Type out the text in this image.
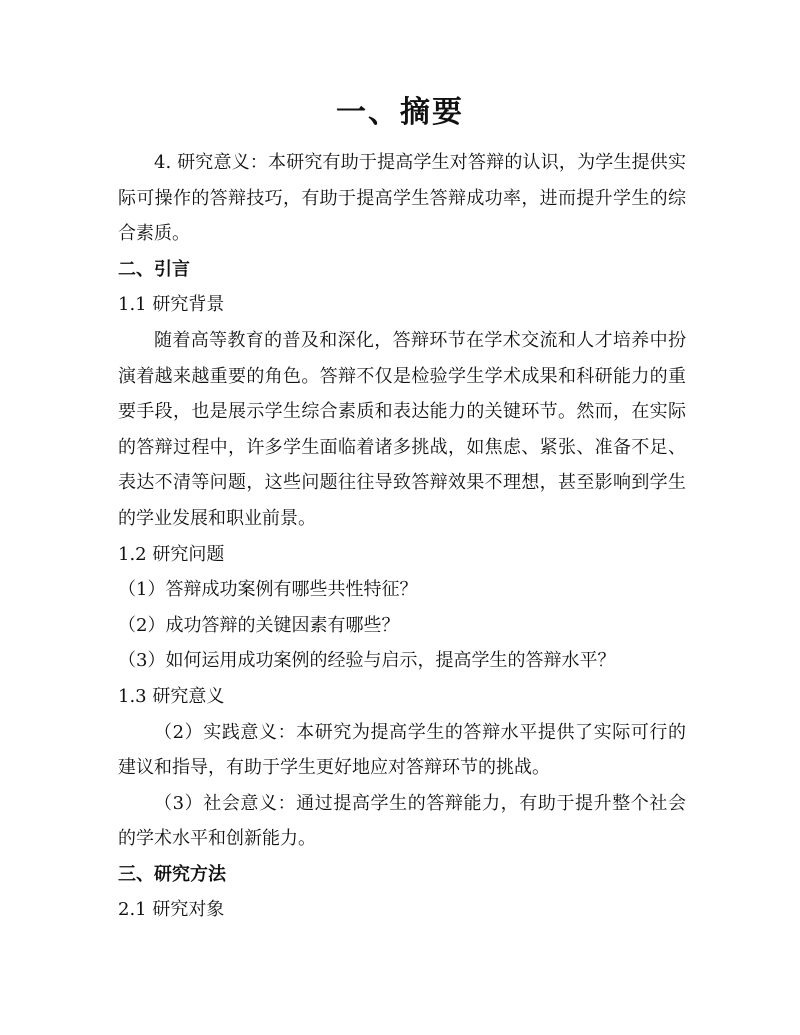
一、摘要

4. 研究意义：本研究有助于提高学生对答辩的认识，为学生提供实际可操作的答辩技巧，有助于提高学生答辩成功率，进而提升学生的综合素质。

二、引言

1.1 研究背景

随着高等教育的普及和深化，答辩环节在学术交流和人才培养中扮演着越来越重要的角色。答辩不仅是检验学生学术成果和科研能力的重要手段，也是展示学生综合素质和表达能力的关键环节。然而，在实际的答辩过程中，许多学生面临着诸多挑战，如焦虑、紧张、准备不足、表达不清等问题，这些问题往往导致答辩效果不理想，甚至影响到学生的学业发展和职业前景。

1.2 研究问题

（1）答辩成功案例有哪些共性特征？

（2）成功答辩的关键因素有哪些？

（3）如何运用成功案例的经验与启示，提高学生的答辩水平？

1.3 研究意义

（2）实践意义：本研究为提高学生的答辩水平提供了实际可行的建议和指导，有助于学生更好地应对答辩环节的挑战。

（3）社会意义：通过提高学生的答辩能力，有助于提升整个社会的学术水平和创新能力。

三、研究方法

2.1 研究对象
